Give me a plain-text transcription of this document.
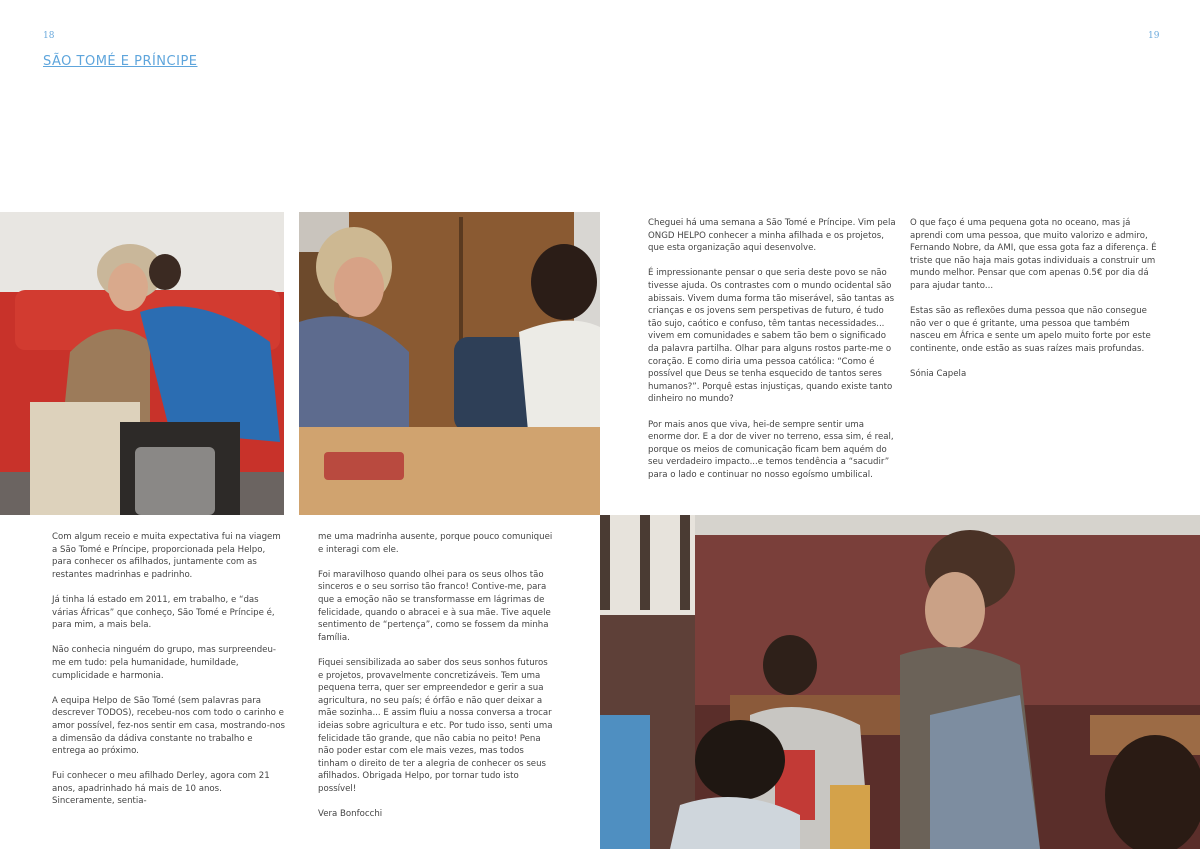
18	19
SÃO TOMÉ E PRÍNCIPE

Cheguei há uma semana a São Tomé e Príncipe. Vim pela ONGD HELPO conhecer a minha afilhada e os projetos, que esta organização aqui desenvolve.

É impressionante pensar o que seria deste povo se não tivesse ajuda. Os contrastes com o mundo ocidental são abissais. Vivem duma forma tão miserável, são tantas as crianças e os jovens sem perspetivas de futuro, é tudo tão sujo, caótico e confuso, têm tantas necessidades... vivem em comunidades e sabem tão bem o significado da palavra partilha. Olhar para alguns rostos parte-me o coração. E como diria uma pessoa católica: “Como é possível que Deus se tenha esquecido de tantos seres humanos?”. Porquê estas injustiças, quando existe tanto dinheiro no mundo?

Por mais anos que viva, hei-de sempre sentir uma enorme dor. E a dor de viver no terreno, essa sim, é real, porque os meios de comunicação ficam bem aquém do seu verdadeiro impacto...e temos tendência a “sacudir” para o lado e continuar no nosso egoísmo umbilical.

O que faço é uma pequena gota no oceano, mas já aprendi com uma pessoa, que muito valorizo e admiro, Fernando Nobre, da AMI, que essa gota faz a diferença. É triste que não haja mais gotas individuais a construir um mundo melhor. Pensar que com apenas 0.5€ por dia dá para ajudar tanto...

Estas são as reflexões duma pessoa que não consegue não ver o que é gritante, uma pessoa que também nasceu em África e sente um apelo muito forte por este continente, onde estão as suas raízes mais profundas.

Sónia Capela

Com algum receio e muita expectativa fui na viagem a São Tomé e Príncipe, proporcionada pela Helpo, para conhecer os afilhados, juntamente com as restantes madrinhas e padrinho.

Já tinha lá estado em 2011, em trabalho, e “das várias Áfricas” que conheço, São Tomé e Príncipe é, para mim, a mais bela.

Não conhecia ninguém do grupo, mas surpreendeu-me em tudo: pela humanidade, humildade, cumplicidade e harmonia.

A equipa Helpo de São Tomé (sem palavras para descrever TODOS), recebeu-nos com todo o carinho e amor possível, fez-nos sentir em casa, mostrando-nos a dimensão da dádiva constante no trabalho e entrega ao próximo.

Fui conhecer o meu afilhado Derley, agora com 21 anos, apadrinhado há mais de 10 anos. Sinceramente, sentia-

me uma madrinha ausente, porque pouco comuniquei e interagi com ele.

Foi maravilhoso quando olhei para os seus olhos tão sinceros e o seu sorriso tão franco! Contive-me, para que a emoção não se transformasse em lágrimas de felicidade, quando o abracei e à sua mãe. Tive aquele sentimento de “pertença”, como se fossem da minha família.

Fiquei sensibilizada ao saber dos seus sonhos futuros e projetos, provavelmente concretizáveis. Tem uma pequena terra, quer ser empreendedor e gerir a sua agricultura, no seu país; é órfão e não quer deixar a mãe sozinha... E assim fluiu a nossa conversa a trocar ideias sobre agricultura e etc. Por tudo isso, senti uma felicidade tão grande, que não cabia no peito! Pena não poder estar com ele mais vezes, mas todos tinham o direito de ter a alegria de conhecer os seus afilhados. Obrigada Helpo, por tornar tudo isto possível!

Vera Bonfocchi
